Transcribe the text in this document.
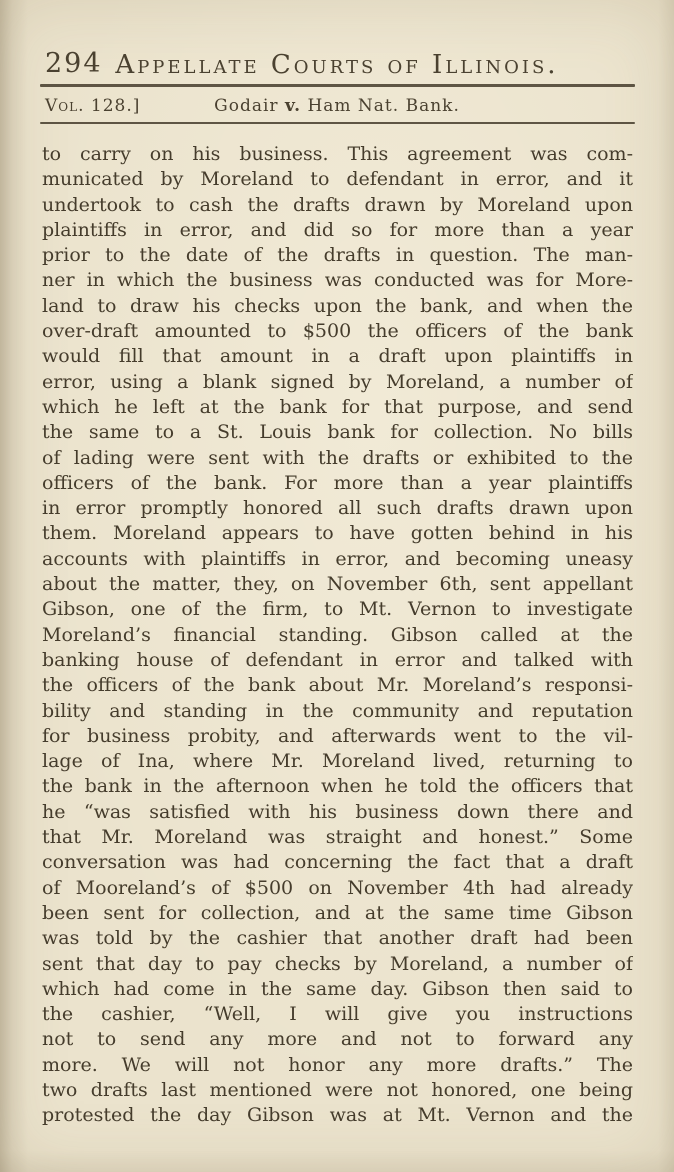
294 Appellate Courts of Illinois.
Vol. 128.]	Godair v. Ham Nat. Bank.
to carry on his business. This agreement was com-
municated by Moreland to defendant in error, and it
undertook to cash the drafts drawn by Moreland upon
plaintiffs in error, and did so for more than a year
prior to the date of the drafts in question. The man-
ner in which the business was conducted was for More-
land to draw his checks upon the bank, and when the
over-draft amounted to $500 the officers of the bank
would fill that amount in a draft upon plaintiffs in
error, using a blank signed by Moreland, a number of
which he left at the bank for that purpose, and send
the same to a St. Louis bank for collection. No bills
of lading were sent with the drafts or exhibited to the
officers of the bank. For more than a year plaintiffs
in error promptly honored all such drafts drawn upon
them. Moreland appears to have gotten behind in his
accounts with plaintiffs in error, and becoming uneasy
about the matter, they, on November 6th, sent appellant
Gibson, one of the firm, to Mt. Vernon to investigate
Moreland’s financial standing. Gibson called at the
banking house of defendant in error and talked with
the officers of the bank about Mr. Moreland’s responsi-
bility and standing in the community and reputation
for business probity, and afterwards went to the vil-
lage of Ina, where Mr. Moreland lived, returning to
the bank in the afternoon when he told the officers that
he “was satisfied with his business down there and
that Mr. Moreland was straight and honest.” Some
conversation was had concerning the fact that a draft
of Mooreland’s of $500 on November 4th had already
been sent for collection, and at the same time Gibson
was told by the cashier that another draft had been
sent that day to pay checks by Moreland, a number of
which had come in the same day. Gibson then said to
the cashier, “Well, I will give you instructions
not to send any more and not to forward any
more. We will not honor any more drafts.” The
two drafts last mentioned were not honored, one being
protested the day Gibson was at Mt. Vernon and the
